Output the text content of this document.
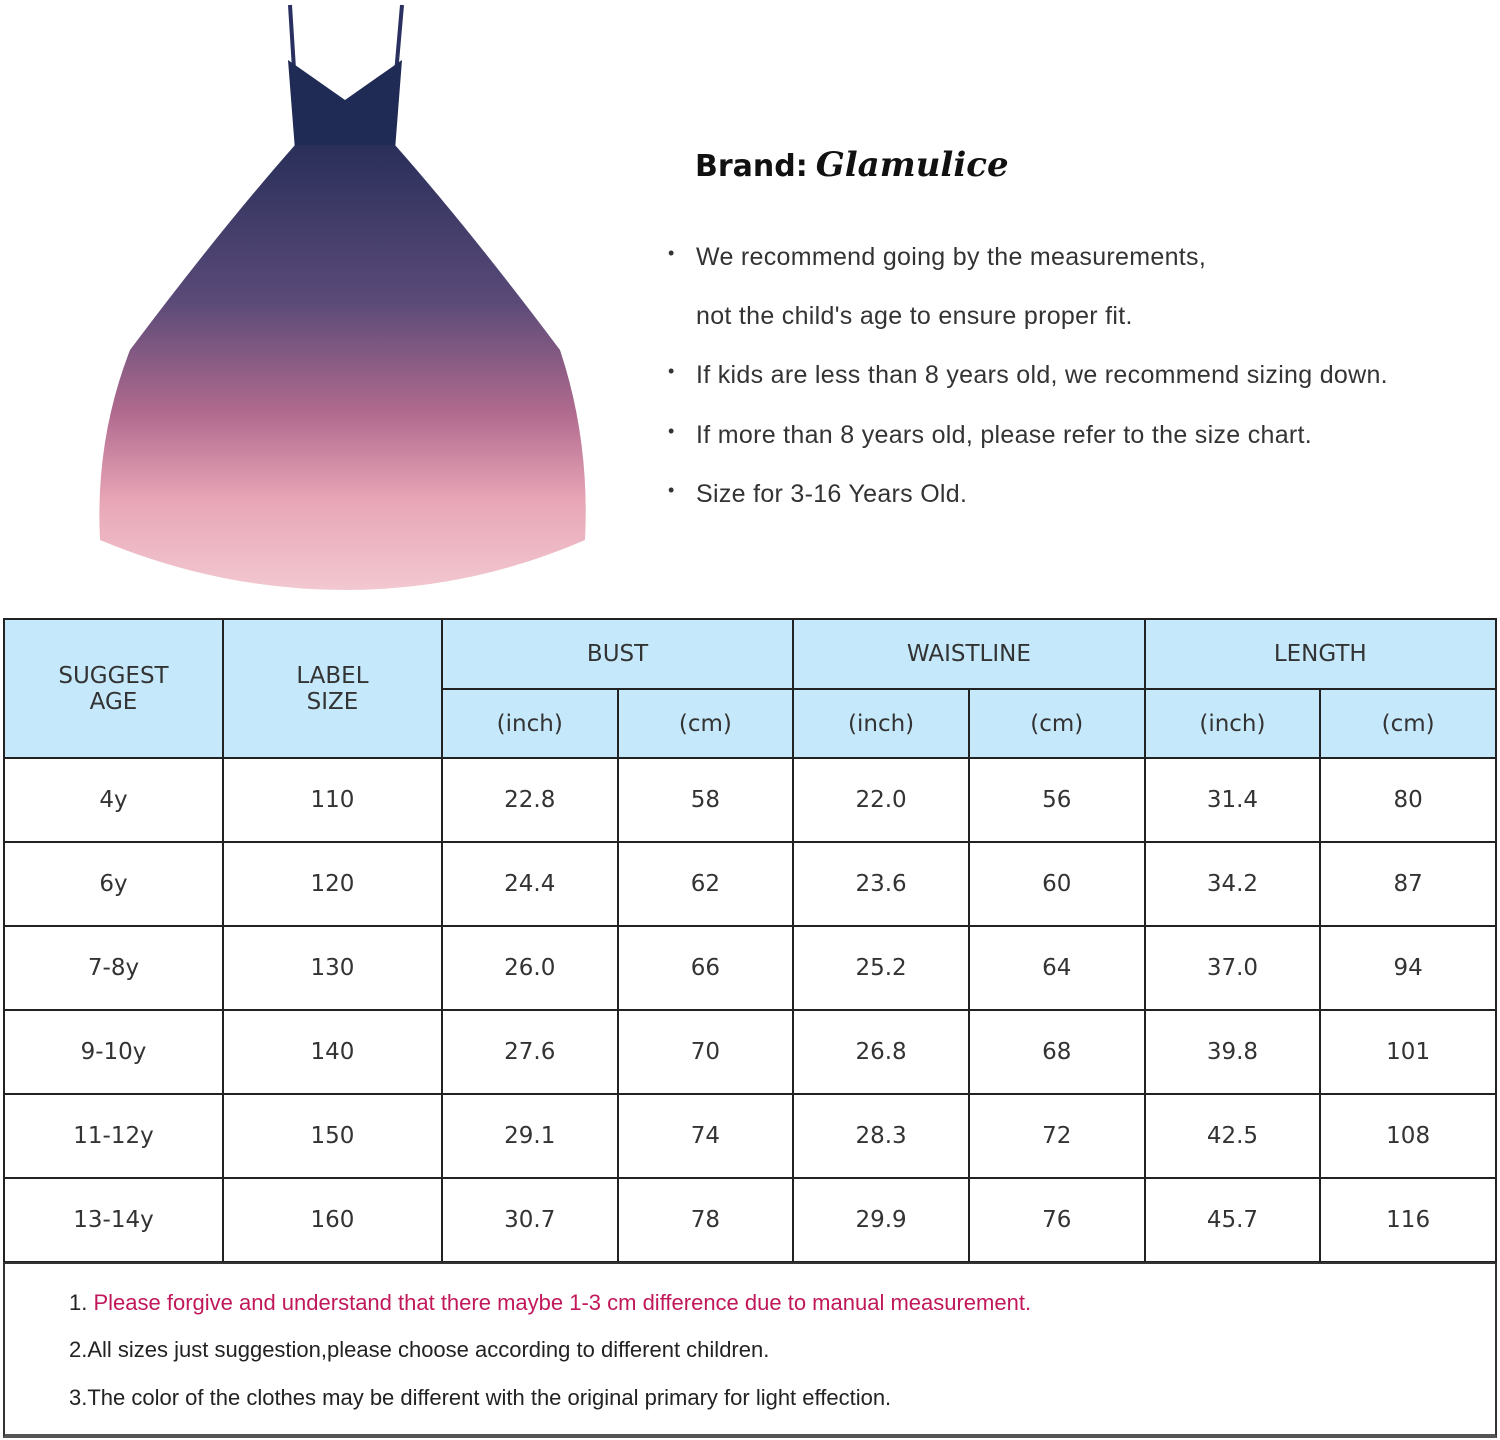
Brand: Glamulice
• We recommend going by the measurements,
not the child's age to ensure proper fit.
• If kids are less than 8 years old, we recommend sizing down.
• If more than 8 years old, please refer to the size chart.
• Size for 3-16 Years Old.
SUGGEST AGE	LABEL SIZE	BUST		WAISTLINE		LENGTH	
		(inch)	(cm)	(inch)	(cm)	(inch)	(cm)
4y	110	22.8	58	22.0	56	31.4	80
6y	120	24.4	62	23.6	60	34.2	87
7-8y	130	26.0	66	25.2	64	37.0	94
9-10y	140	27.6	70	26.8	68	39.8	101
11-12y	150	29.1	74	28.3	72	42.5	108
13-14y	160	30.7	78	29.9	76	45.7	116

1. Please forgive and understand that there maybe 1-3 cm difference due to manual measurement.

2.All sizes just suggestion,please choose according to different children.

3.The color of the clothes may be different with the original primary for light effection.
